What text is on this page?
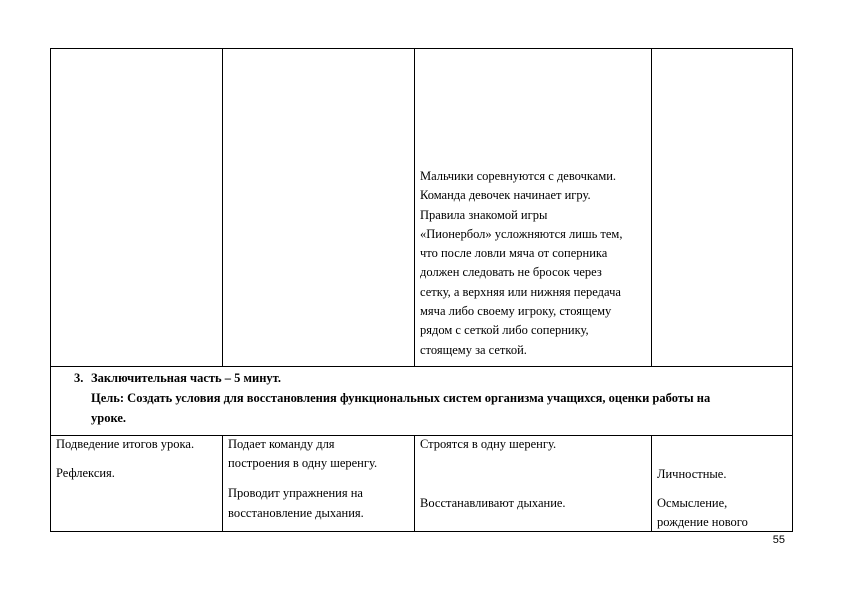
Мальчики соревнуются с девочками.
Команда девочек начинает игру.
Правила знакомой игры
«Пионербол» усложняются лишь тем,
что после ловли мяча от соперника
должен следовать не бросок через
сетку, а верхняя или нижняя передача
мяча либо своему игроку, стоящему
рядом с сеткой либо сопернику,
стоящему за сеткой.
3. Заключительная часть – 5 минут.
Цель: Создать условия для восстановления функциональных систем организма учащихся, оценки работы на
уроке.
Подведение итогов урока.
Рефлексия.
Подает команду для
построения в одну шеренгу.
Проводит упражнения на
восстановление дыхания.
Строятся в одну шеренгу.
Восстанавливают дыхание.
Личностные.
Осмысление,
рождение нового
55
